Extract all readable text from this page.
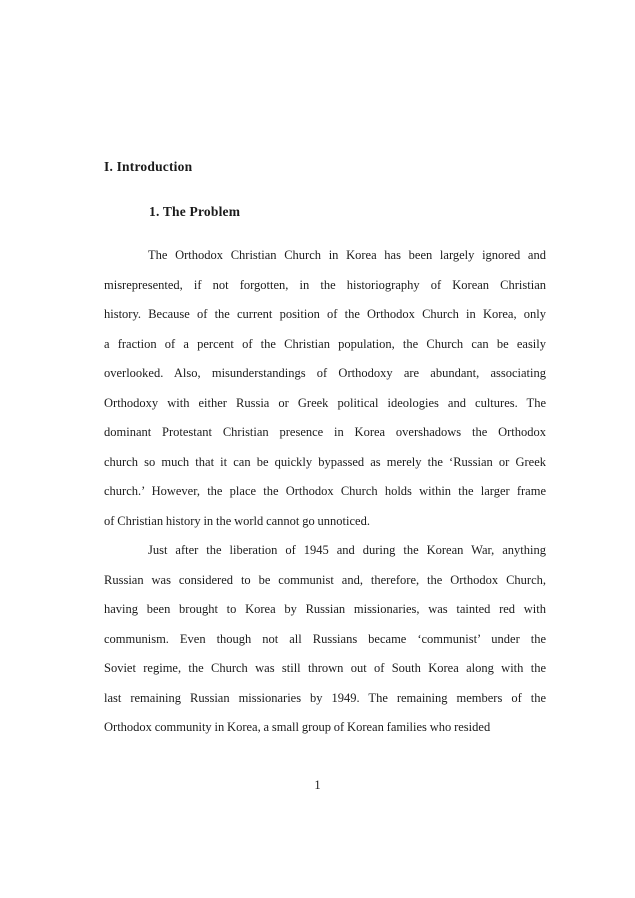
I. Introduction
1. The Problem
The Orthodox Christian Church in Korea has been largely ignored and
misrepresented, if not forgotten, in the historiography of Korean Christian
history. Because of the current position of the Orthodox Church in Korea, only
a fraction of a percent of the Christian population, the Church can be easily
overlooked. Also, misunderstandings of Orthodoxy are abundant, associating
Orthodoxy with either Russia or Greek political ideologies and cultures. The
dominant Protestant Christian presence in Korea overshadows the Orthodox
church so much that it can be quickly bypassed as merely the ‘Russian or Greek
church.’ However, the place the Orthodox Church holds within the larger frame
of Christian history in the world cannot go unnoticed.
Just after the liberation of 1945 and during the Korean War, anything
Russian was considered to be communist and, therefore, the Orthodox Church,
having been brought to Korea by Russian missionaries, was tainted red with
communism. Even though not all Russians became ‘communist’ under the
Soviet regime, the Church was still thrown out of South Korea along with the
last remaining Russian missionaries by 1949. The remaining members of the
Orthodox community in Korea, a small group of Korean families who resided
1
